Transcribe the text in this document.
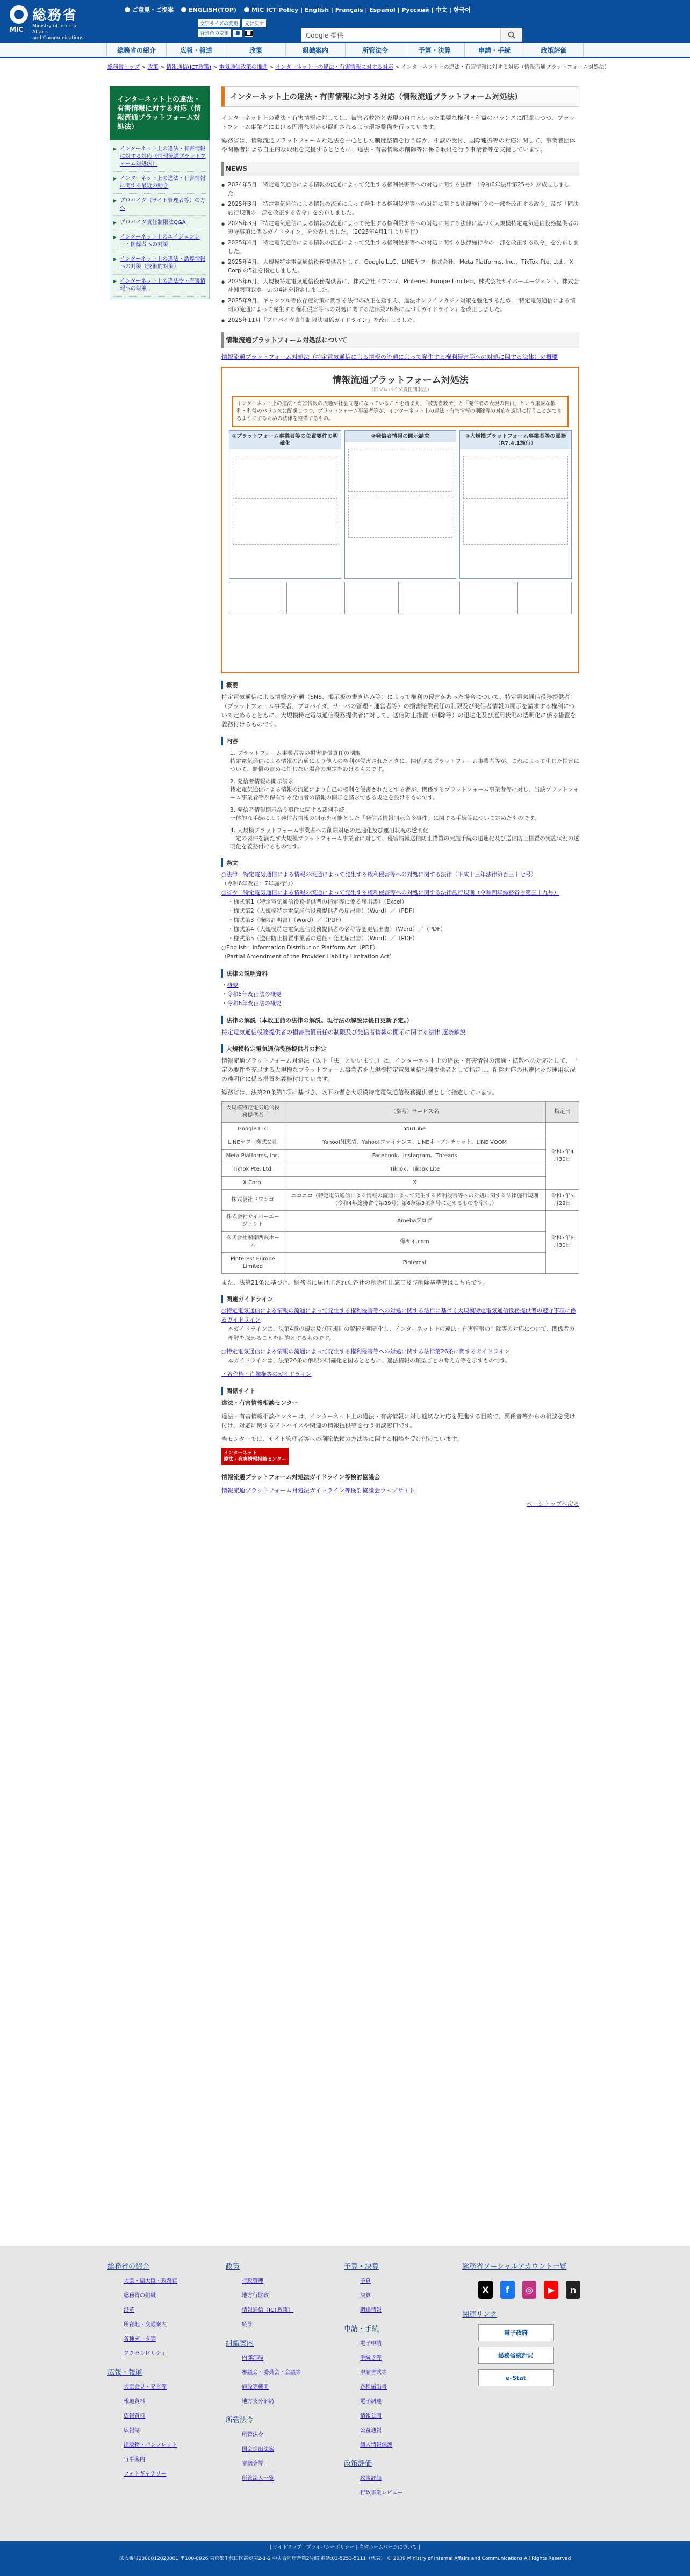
総務省
MIC Ministry of Internal Affairs
and Communications
ご意見・ご提案	ENGLISH(TOP)	MIC ICT Policy | English | Français | Español | Русский | 中文 | 한국어
文字サイズの変更	元に戻す
背景色の変更	■	■	Google 提供
総務省の紹介	広報・報道	政策	組織案内	所管法令	予算・決算	申請・手続	政策評価
総務省トップ > 政策 > 情報通信(ICT政策) > 電気通信政策の推進 > インターネット上の違法・有害情報に対する対応 > インターネット上の違法・有害情報に対する対応（情報流通プラットフォーム対処法）
インターネット上の違法・有害情報に対する対応（情報流通プラットフォーム対処法）
▶ インターネット上の違法・有害情報に対する対応（情報流通プラットフォーム対処法）
▶ インターネット上の違法・有害情報に関する最近の動き
▶ プロバイダ（サイト管理者等）の方へ
▶ プロバイダ責任制限法Q&A
▶ インターネット上のエイジェンシー・関係者への対策
▶ インターネット上の違法・誘導情報への対策（技術的対策）
▶ インターネット上の違法や・有害情報への対策
インターネット上の違法・有害情報に対する対応（情報流通プラットフォーム対処法）

インターネット上の違法・有害情報に対しては、被害者救済と表現の自由といった重要な権利・利益のバランスに配慮しつつ、プラットフォーム事業者における円滑な対応が促進されるよう環境整備を行っています。

総務省は、情報流通プラットフォーム対処法を中心とした制度整備を行うほか、相談の受付、国際連携等の対応に関して、事業者団体や関係者による自主的な取組を支援するとともに、違法・有害情報の削除等に係る取組を行う事業者等を支援しています。

NEWS
● 2024年5月「特定電気通信による情報の流通によって発生する権利侵害等への対処に関する法律」（令和6年法律第25号）が成立しました。
● 2025年3月「特定電気通信による情報の流通によって発生する権利侵害等への対処に関する法律施行令の一部を改正する政令」及び「同法施行規則の一部を改正する省令」を公布しました。
● 2025年3月「特定電気通信による情報の流通によって発生する権利侵害等への対処に関する法律に基づく大規模特定電気通信役務提供者の遵守事項に係るガイドライン」を公表しました。（2025年4月1日より施行）
● 2025年4月「特定電気通信による情報の流通によって発生する権利侵害等への対処に関する法律施行令の一部を改正する政令」を公布しました。
● 2025年4月、大規模特定電気通信役務提供者として、Google LLC、LINEヤフー株式会社、Meta Platforms, Inc.、TikTok Pte. Ltd.、X Corp.の5社を指定しました。
● 2025年6月、大規模特定電気通信役務提供者に、株式会社ドワンゴ、Pinterest Europe Limited、株式会社サイバーエージェント、株式会社湘南西武ホームの4社を指定しました。
● 2025年9月、ギャンブル等依存症対策に関する法律の改正を踏まえ、違法オンラインカジノ対策を強化するため、「特定電気通信による情報の流通によって発生する権利侵害等への対処に関する法律第26条に基づくガイドライン」を改正しました。
● 2025年11月「プロバイダ責任制限法関係ガイドライン」を改正しました。
情報流通プラットフォーム対処法について

情報流通プラットフォーム対処法（特定電気通信による情報の流通によって発生する権利侵害等への対処に関する法律）の概要

情報流通プラットフォーム対処法
（旧プロバイダ責任制限法）
インターネット上の違法・有害情報の流通が社会問題になっていることを踏まえ、「被害者救済」と「発信者の表現の自由」という重要な権利・利益のバランスに配慮しつつ、プラットフォーム事業者等が、インターネット上の違法・有害情報の削除等の対応を適切に行うことができるようにするための法律を整備するもの。
①プラットフォーム事業者等の免責要件の明確化
②発信者情報の開示請求	③大規模プラットフォーム事業者等の責務（R7.4.1施行）
概要

特定電気通信による情報の流通（SNS、掲示板の書き込み等）によって権利の侵害があった場合について、特定電気通信役務提供者（プラットフォーム事業者、プロバイダ、サーバの管理・運営者等）の損害賠償責任の制限及び発信者情報の開示を請求する権利について定めるとともに、大規模特定電気通信役務提供者に対して、送信防止措置（削除等）の迅速化及び運用状況の透明化に係る措置を義務付けるものです。

内容
1. プラットフォーム事業者等の損害賠償責任の制限
特定電気通信による情報の流通により他人の権利が侵害されたときに、関係するプラットフォーム事業者等が、これによって生じた損害について、賠償の責めに任じない場合の規定を設けるものです。
2. 発信者情報の開示請求
特定電気通信による情報の流通により自己の権利を侵害されたとする者が、関係するプラットフォーム事業者等に対し、当該プラットフォーム事業者等が保有する発信者の情報の開示を請求できる規定を設けるものです。
3. 発信者情報開示命令事件に関する裁判手続
一体的な手続により発信者情報の開示を可能とした「発信者情報開示命令事件」に関する手続等について定めたものです。
4. 大規模プラットフォーム事業者への削除対応の迅速化及び運用状況の透明化
一定の要件を満たす大規模プラットフォーム事業者に対して、侵害情報送信防止措置の実施手続の迅速化及び送信防止措置の実施状況の透明化を義務付けるものです。
条文
○法律：特定電気通信による情報の流通によって発生する権利侵害等への対処に関する法律（平成十三年法律第百三十七号）
（令和6年改正：7年施行分）
○省令：特定電気通信による情報の流通によって発生する権利侵害等への対処に関する法律施行規則（令和四年総務省令第三十九号）
・様式第1（特定電気通信役務提供者の指定等に係る届出書）（Excel）
・様式第2（大規模特定電気通信役務提供者の届出書）（Word）／（PDF）
・様式第3（権限証明書）（Word）／（PDF）
・様式第4（大規模特定電気通信役務提供者の名称等変更届出書）（Word）／（PDF）
・様式第5（送信防止措置事業者の選任・変更届出書）（Word）／（PDF）
○English：Information Distribution Platform Act（PDF）
（Partial Amendment of the Provider Liability Limitation Act）
法律の説明資料
・概要
・令和5年改正法の概要
・令和6年改正法の概要
法律の解説（本改正前の法律の解説。現行法の解説は後日更新予定。）

特定電気通信役務提供者の損害賠償責任の制限及び発信者情報の開示に関する法律 逐条解説

大規模特定電気通信役務提供者の指定

情報流通プラットフォーム対処法（以下「法」といいます。）は、インターネット上の違法・有害情報の流通・拡散への対応として、一定の要件を充足する大規模なプラットフォーム事業者を大規模特定電気通信役務提供者として指定し、削除対応の迅速化及び運用状況の透明化に係る措置を義務付けています。

総務省は、法第20条第1項に基づき、以下の者を大規模特定電気通信役務提供者として指定しています。

大規模特定電気通信役務提供者	（参考）サービス名	指定日
Google LLC	YouTube	令和7年4月30日
LINEヤフー株式会社	Yahoo!知恵袋、Yahoo!ファイナンス、LINEオープンチャット、LINE VOOM	
Meta Platforms, Inc.	Facebook、Instagram、Threads	
TikTok Pte. Ltd.	TikTok、TikTok Lite	
X Corp.	X	
株式会社ドワンゴ	ニコニコ（特定電気通信による情報の流通によって発生する権利侵害等への対処に関する法律施行規則（令和4年総務省令第39号）第6条第3項各号に定めるものを除く。）	令和7年5月29日
株式会社サイバーエージェント	Amebaブログ	令和7年6月30日
株式会社湘南西武ホーム	爆サイ.com	
Pinterest Europe Limited	Pinterest	

また、法第21条に基づき、総務省に届け出された各社の削除申出窓口及び削除基準等はこちらです。

関連ガイドライン
○特定電気通信による情報の流通によって発生する権利侵害等への対処に関する法律に基づく大規模特定電気通信役務提供者の遵守事項に係るガイドライン
本ガイドラインは、法第4章の規定及び同規則の解釈を明確化し、インターネット上の違法・有害情報の削除等の対応について、関係者の理解を深めることを目的とするものです。
○特定電気通信による情報の流通によって発生する権利侵害等への対処に関する法律第26条に関するガイドライン
本ガイドラインは、法第26条の解釈の明確化を図るとともに、違法情報の類型ごとの考え方等を示すものです。
・著作権・肖像権等のガイドライン
関係サイト

違法・有害情報相談センター

違法・有害情報相談センターは、インターネット上の違法・有害情報に対し適切な対応を促進する目的で、関係者等からの相談を受け付け、対応に関するアドバイスや関連の情報提供等を行う相談窓口です。

当センターでは、サイト管理者等への削除依頼の方法等に関する相談を受け付けています。

インターネット
違法・有害情報相談センター

情報流通プラットフォーム対処法ガイドライン等検討協議会

情報流通プラットフォーム対処法ガイドライン等検討協議会ウェブサイト

ページトップへ戻る

総務省の紹介
大臣・副大臣・政務官
総務省の組織
沿革
所在地・交通案内
各種データ等
アクセシビリティ
広報・報道
大臣会見・発言等
報道資料
広報資料
広報誌
出版物・パンフレット
行事案内
フォトギャラリー
政策
行政管理
地方行財政
情報通信（ICT政策）
統計
組織案内
内部部局
審議会・委員会・会議等
施設等機関
地方支分部局
所管法令
所管法令
国会提出法案
審議会等
所管法人一覧
予算・決算
予算
決算
調達情報
申請・手続
電子申請
手続き等
申請書式等
各種届出書
電子調達
情報公開
公益通報
個人情報保護
政策評価
政策評価
行政事業レビュー
総務省ソーシャルアカウント一覧
X	f	◎	▶	n
関連リンク
電子政府
総務省統計局
e-Stat
| サイトマップ | プライバシーポリシー | 当省ホームページについて |
法人番号2000012020001 〒100-8926 東京都千代田区霞が関2-1-2 中央合同庁舎第2号館 電話:03-5253-5111（代表） © 2009 Ministry of Internal Affairs and Communications All Rights Reserved
